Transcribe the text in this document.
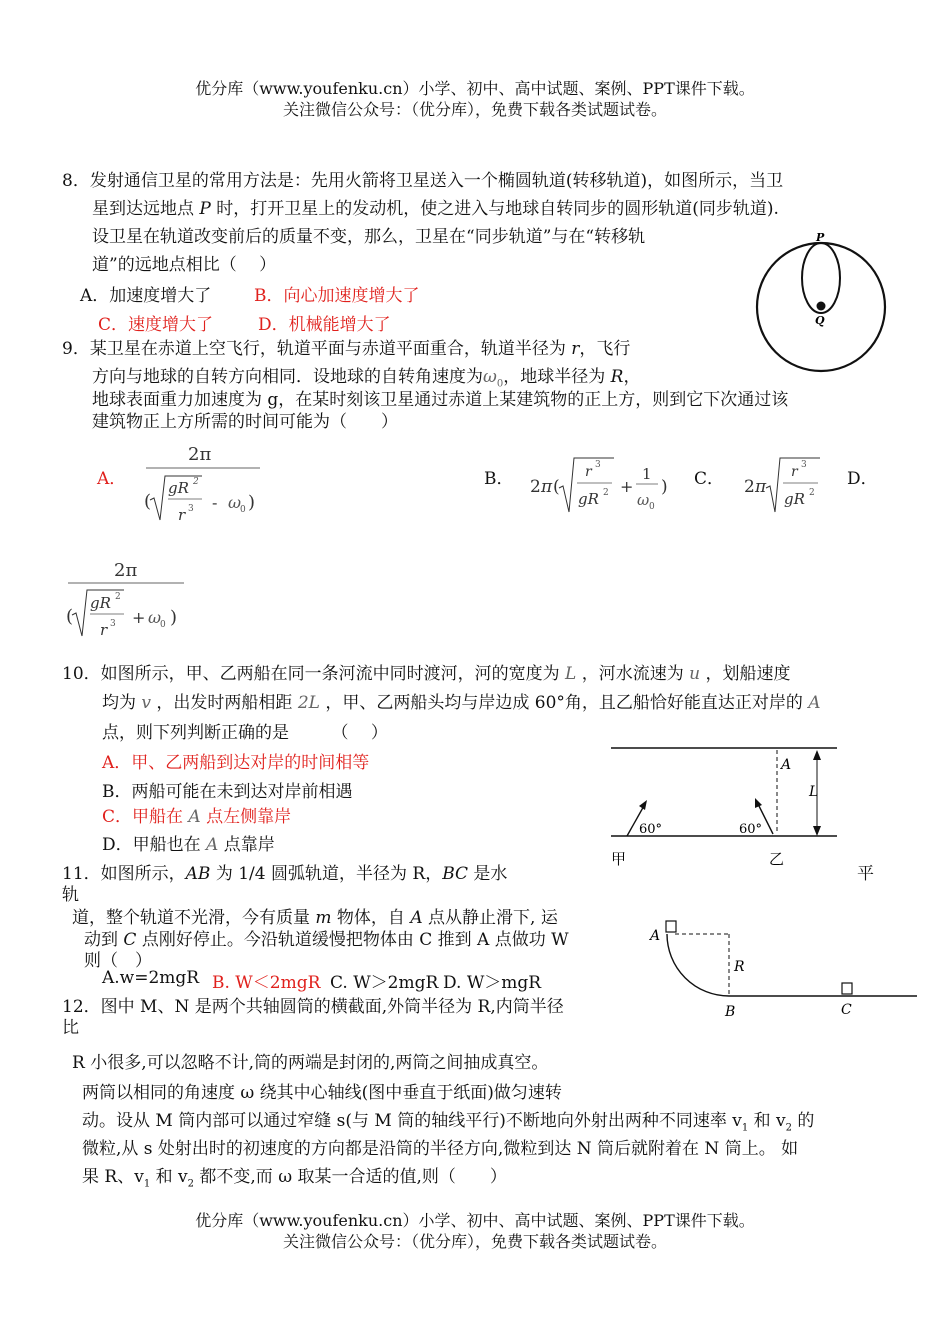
优分库（www.youfenku.cn）小学、初中、高中试题、案例、PPT课件下载。
关注微信公众号：（优分库），免费下载各类试题试卷。
8．发射通信卫星的常用方法是：先用火箭将卫星送入一个椭圆轨道(转移轨道)，如图所示，当卫
星到达远地点 P 时，打开卫星上的发动机，使之进入与地球自转同步的圆形轨道(同步轨道).
设卫星在轨道改变前后的质量不变，那么，卫星在“同步轨道”与在“转移轨
道”的远地点相比（　 ）
A．加速度增大了	B．向心加速度增大了
C．速度增大了	D．机械能增大了
P
Q
9．某卫星在赤道上空飞行，轨道平面与赤道平面重合，轨道半径为 r，飞行
方向与地球的自转方向相同．设地球的自转角速度为$\omega_0$，地球半径为 R，
地球表面重力加速度为 g，在某时刻该卫星通过赤道上某建筑物的正上方，则到它下次通过该
建筑物正上方所需的时间可能为（　　）
A．
2π
(
gR 2
r 3 - ω
0 )
B． 2 π (
r 3
gR 2 +
1
ω 0
) C． 2 π
r 3
gR 2
D．
2π
(
gR 2
r 3 + ω
0 )
10．如图所示，甲、乙两船在同一条河流中同时渡河，河的宽度为 L ，河水流速为 u ，划船速度
均为 v ，出发时两船相距 2L ，甲、乙两船头均与岸边成 60°角，且乙船恰好能直达正对岸的 A
点，则下列判断正确的是　　　（　 ）
A．甲、乙两船到达对岸的时间相等
B．两船可能在未到达对岸前相遇
C．甲船在 A 点左侧靠岸
D．甲船也在 A 点靠岸
A
L
60°	60°
甲	乙
11．如图所示，AB 为 1/4 圆弧轨道，半径为 R，BC 是水	平
轨
道，整个轨道不光滑，今有质量 m 物体，自 A 点从静止滑下, 运
动到 C 点刚好停止。今沿轨道缓慢把物体由 C 推到 A 点做功 W
则（　）
A.w=2mgR B. W＜2mgR C. W＞2mgR D. W＞mgR
A
R
B	C
12．图中 M、N 是两个共轴圆筒的横截面,外筒半径为 R,内筒半径
比
R 小很多,可以忽略不计,筒的两端是封闭的,两筒之间抽成真空。
两筒以相同的角速度 ω 绕其中心轴线(图中垂直于纸面)做匀速转
动。设从 M 筒内部可以通过窄缝 s(与 M 筒的轴线平行)不断地向外射出两种不同速率 $v_1$ 和 $v_2$ 的
微粒,从 s 处射出时的初速度的方向都是沿筒的半径方向,微粒到达 N 筒后就附着在 N 筒上。 如
果 R、$v_1$ 和 $v_2$ 都不变,而 ω 取某一合适的值,则（　　）
优分库（www.youfenku.cn）小学、初中、高中试题、案例、PPT课件下载。
关注微信公众号：（优分库），免费下载各类试题试卷。
